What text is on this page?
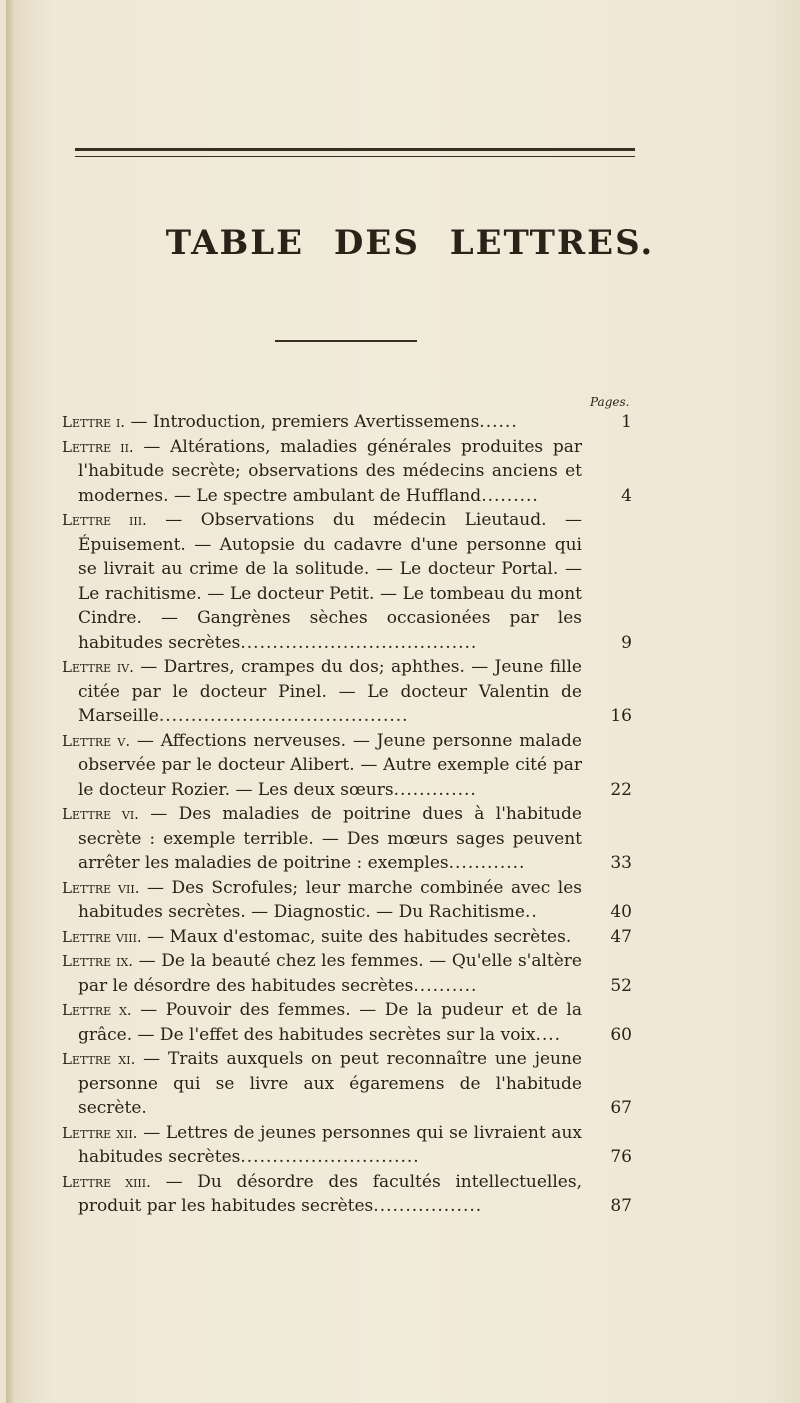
TABLE DES LETTRES.
Pages.
Lettre i. — Introduction, premiers Avertissemens......	1
Lettre ii. — Altérations, maladies générales produites par l'habitude secrète; observations des médecins anciens et modernes. — Le spectre ambulant de Huffland.........	4
Lettre iii. — Observations du médecin Lieutaud. — Épuisement. — Autopsie du cadavre d'une personne qui se livrait au crime de la solitude. — Le docteur Portal. — Le rachitisme. — Le docteur Petit. — Le tombeau du mont Cindre. — Gangrènes sèches occasionées par les habitudes secrètes.....................................	9
Lettre iv. — Dartres, crampes du dos; aphthes. — Jeune fille citée par le docteur Pinel. — Le docteur Valentin de Marseille.......................................	16
Lettre v. — Affections nerveuses. — Jeune personne malade observée par le docteur Alibert. — Autre exemple cité par le docteur Rozier. — Les deux sœurs.............	22
Lettre vi. — Des maladies de poitrine dues à l'habitude secrète : exemple terrible. — Des mœurs sages peuvent arrêter les maladies de poitrine : exemples............	33
Lettre vii. — Des Scrofules; leur marche combinée avec les habitudes secrètes. — Diagnostic. — Du Rachitisme..	40
Lettre viii. — Maux d'estomac, suite des habitudes secrètes.	47
Lettre ix. — De la beauté chez les femmes. — Qu'elle s'altère par le désordre des habitudes secrètes..........	52
Lettre x. — Pouvoir des femmes. — De la pudeur et de la grâce. — De l'effet des habitudes secrètes sur la voix....	60
Lettre xi. — Traits auxquels on peut reconnaître une jeune personne qui se livre aux égaremens de l'habitude secrète.	67
Lettre xii. — Lettres de jeunes personnes qui se livraient aux habitudes secrètes............................	76
Lettre xiii. — Du désordre des facultés intellectuelles, produit par les habitudes secrètes.................	87
